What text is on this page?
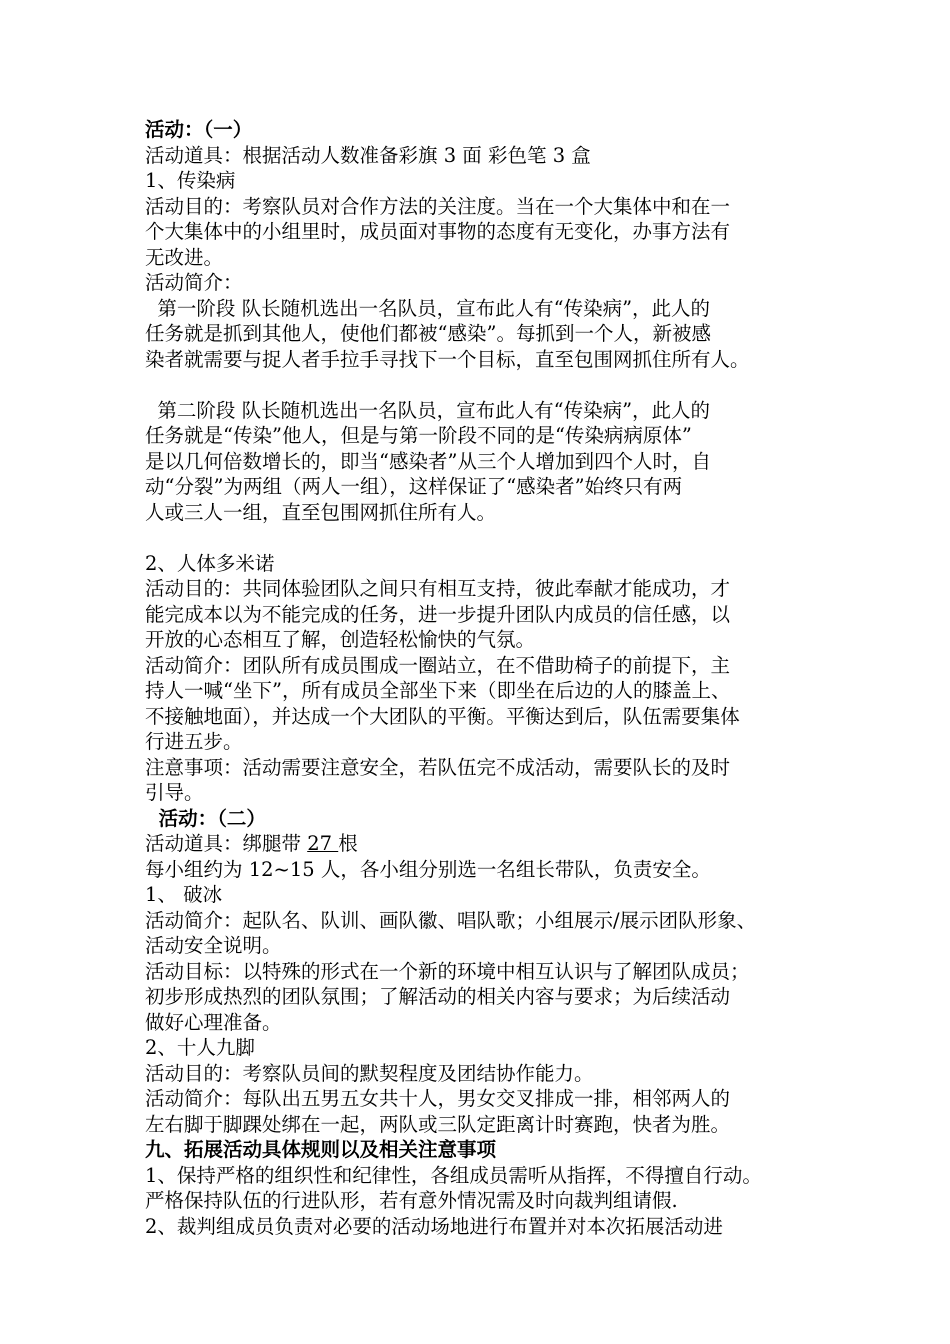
活动：（一）

活动道具：根据活动人数准备彩旗 3 面 彩色笔 3 盒

1、传染病

活动目的：考察队员对合作方法的关注度。当在一个大集体中和在一

个大集体中的小组里时，成员面对事物的态度有无变化，办事方法有

无改进。

活动简介：

第一阶段 队长随机选出一名队员，宣布此人有“传染病”，此人的

任务就是抓到其他人，使他们都被“感染”。每抓到一个人，新被感

染者就需要与捉人者手拉手寻找下一个目标，直至包围网抓住所有人。

第二阶段 队长随机选出一名队员，宣布此人有“传染病”，此人的

任务就是“传染”他人，但是与第一阶段不同的是“传染病病原体”

是以几何倍数增长的，即当“感染者”从三个人增加到四个人时，自

动“分裂”为两组（两人一组），这样保证了“感染者”始终只有两

人或三人一组，直至包围网抓住所有人。

2、人体多米诺

活动目的：共同体验团队之间只有相互支持，彼此奉献才能成功，才

能完成本以为不能完成的任务，进一步提升团队内成员的信任感，以

开放的心态相互了解，创造轻松愉快的气氛。

活动简介：团队所有成员围成一圈站立，在不借助椅子的前提下，主

持人一喊“坐下”，所有成员全部坐下来（即坐在后边的人的膝盖上、

不接触地面），并达成一个大团队的平衡。平衡达到后，队伍需要集体

行进五步。

注意事项：活动需要注意安全，若队伍完不成活动，需要队长的及时

引导。

活动：（二）

活动道具：绑腿带 27 根

每小组约为 12~15 人，各小组分别选一名组长带队，负责安全。

1、 破冰

活动简介：起队名、队训、画队徽、唱队歌；小组展示/展示团队形象、

活动安全说明。

活动目标：以特殊的形式在一个新的环境中相互认识与了解团队成员；

初步形成热烈的团队氛围；了解活动的相关内容与要求；为后续活动

做好心理准备。

2、十人九脚

活动目的：考察队员间的默契程度及团结协作能力。

活动简介：每队出五男五女共十人，男女交叉排成一排，相邻两人的

左右脚于脚踝处绑在一起，两队或三队定距离计时赛跑，快者为胜。

九、拓展活动具体规则以及相关注意事项

1、保持严格的组织性和纪律性，各组成员需听从指挥，不得擅自行动。

严格保持队伍的行进队形，若有意外情况需及时向裁判组请假.

2、裁判组成员负责对必要的活动场地进行布置并对本次拓展活动进
